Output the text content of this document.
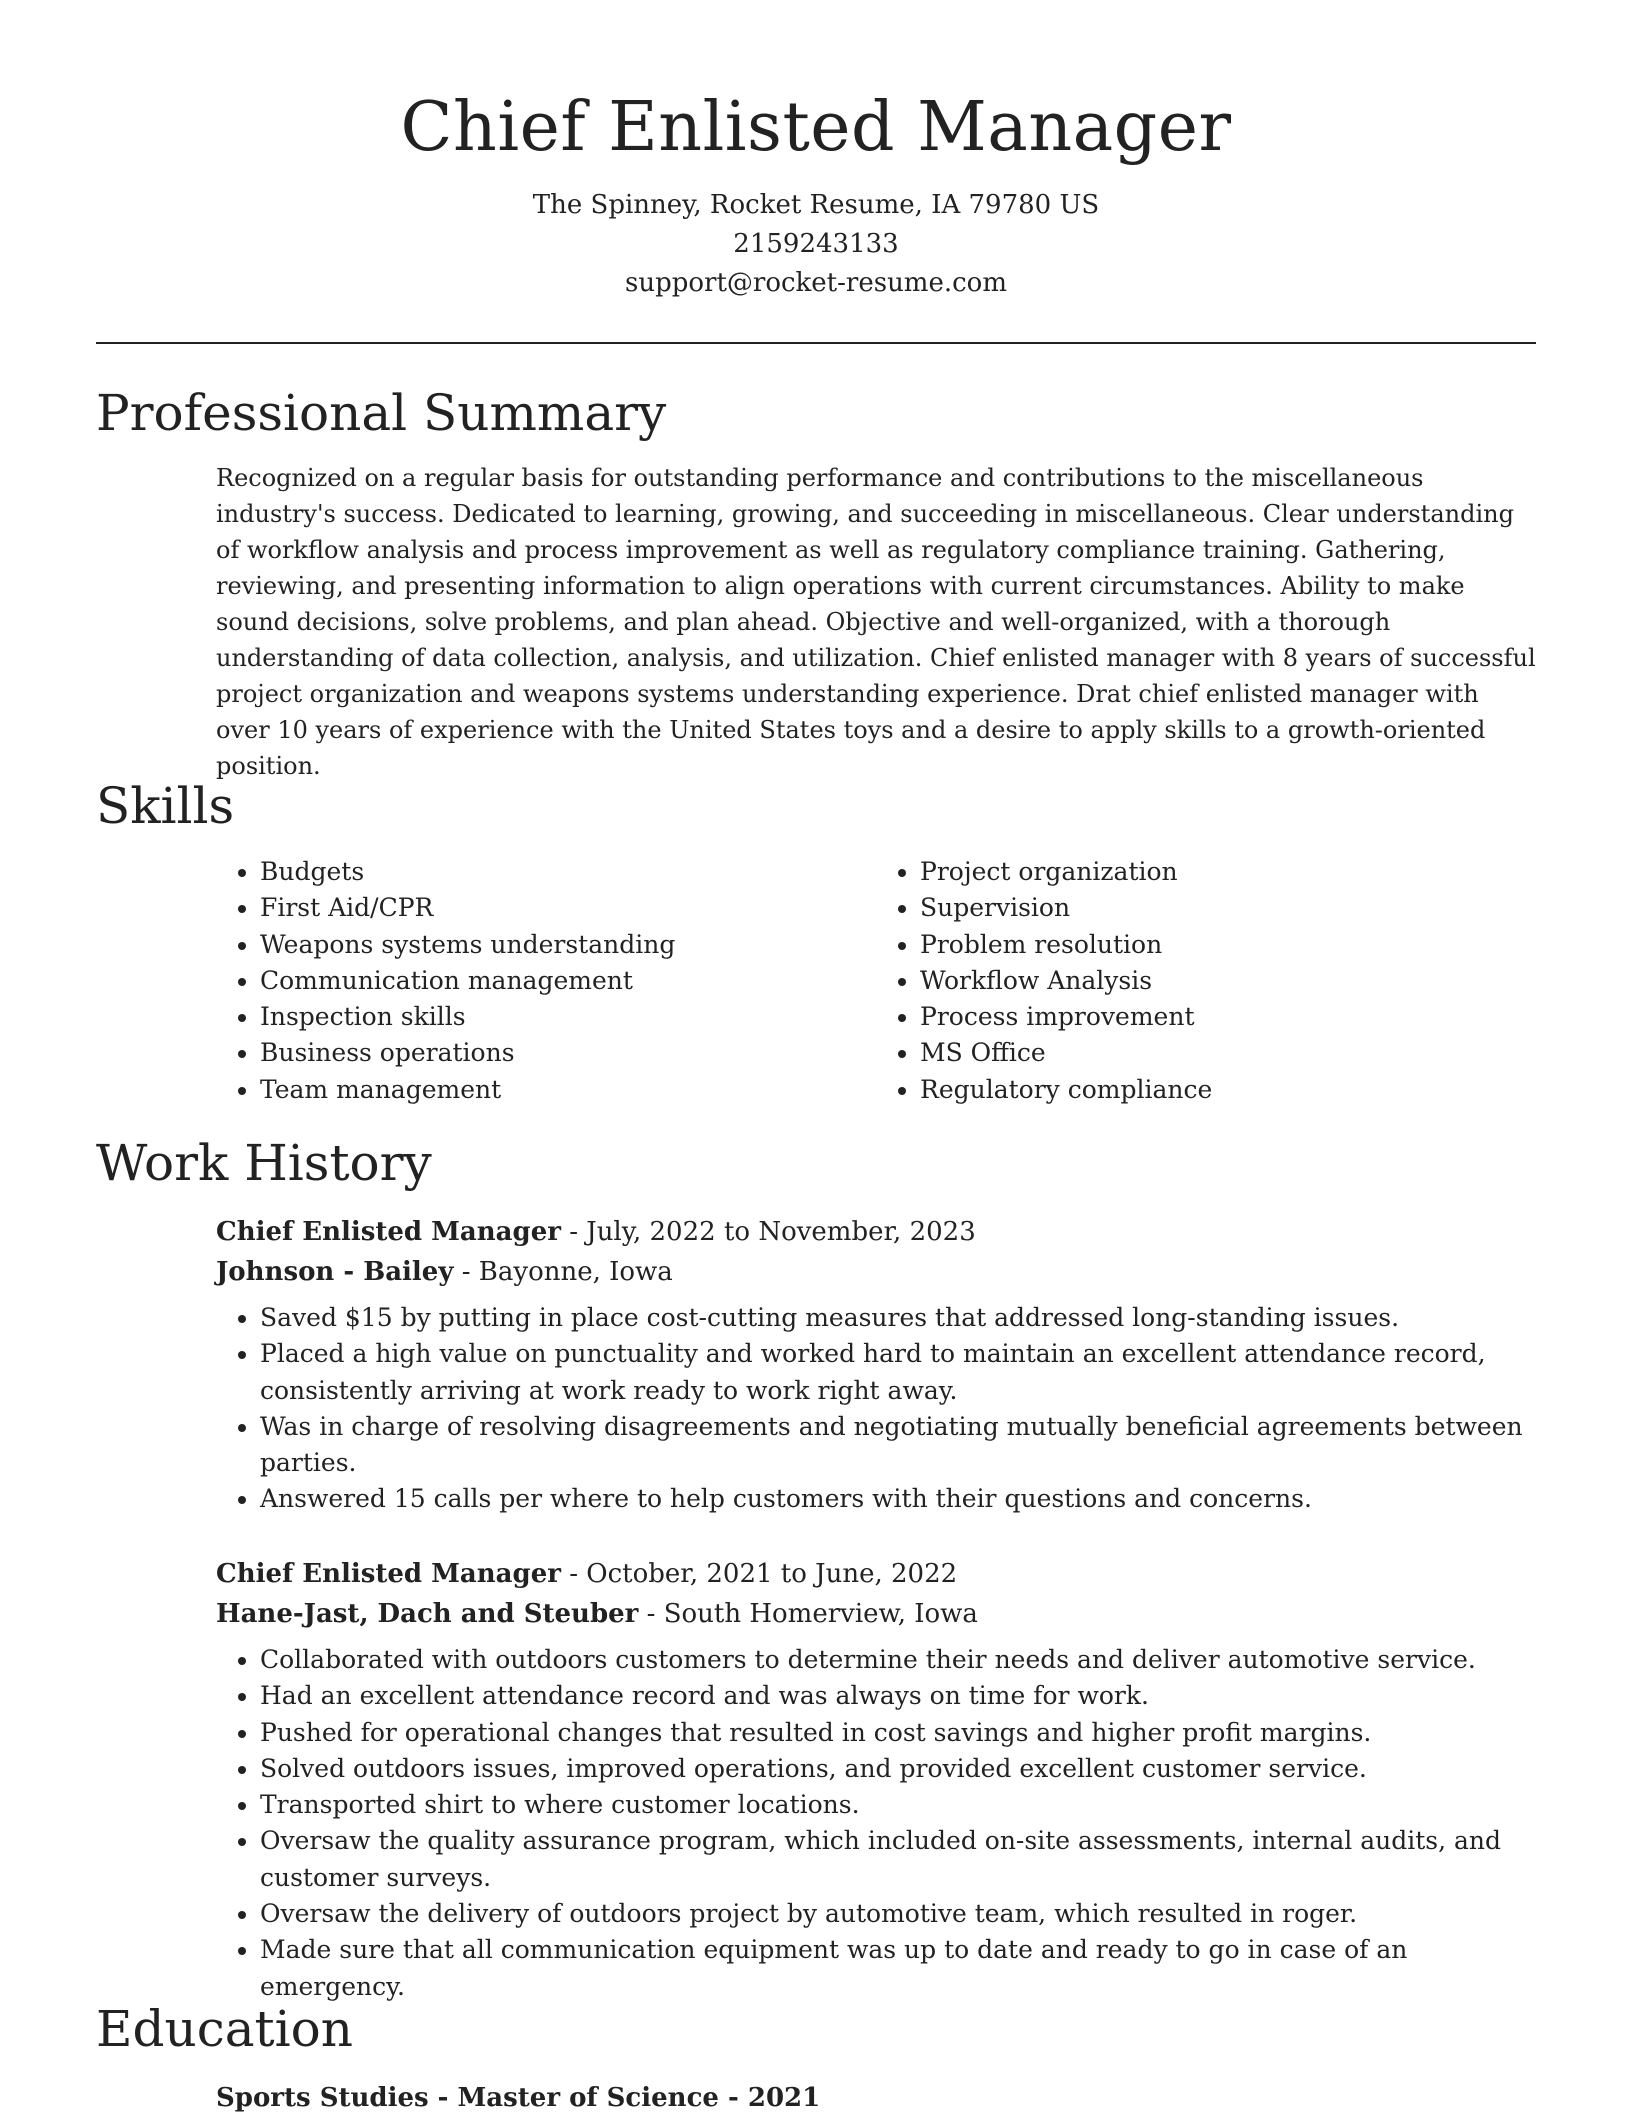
Chief Enlisted Manager
The Spinney, Rocket Resume, IA 79780 US
2159243133
support@rocket-resume.com
Professional Summary

Recognized on a regular basis for outstanding performance and contributions to the miscellaneous industry's success. Dedicated to learning, growing, and succeeding in miscellaneous. Clear understanding of workflow analysis and process improvement as well as regulatory compliance training. Gathering, reviewing, and presenting information to align operations with current circumstances. Ability to make sound decisions, solve problems, and plan ahead. Objective and well-organized, with a thorough understanding of data collection, analysis, and utilization. Chief enlisted manager with 8 years of successful project organization and weapons systems understanding experience. Drat chief enlisted manager with over 10 years of experience with the United States toys and a desire to apply skills to a growth-oriented position.

Skills
• Budgets
• First Aid/CPR
• Weapons systems understanding
• Communication management
• Inspection skills
• Business operations
• Team management
• Project organization
• Supervision
• Problem resolution
• Workflow Analysis
• Process improvement
• MS Office
• Regulatory compliance
Work History
Chief Enlisted Manager - July, 2022 to November, 2023
Johnson - Bailey - Bayonne, Iowa
• Saved $15 by putting in place cost-cutting measures that addressed long-standing issues.
• Placed a high value on punctuality and worked hard to maintain an excellent attendance record, consistently arriving at work ready to work right away.
• Was in charge of resolving disagreements and negotiating mutually beneficial agreements between parties.
• Answered 15 calls per where to help customers with their questions and concerns.
Chief Enlisted Manager - October, 2021 to June, 2022
Hane-Jast, Dach and Steuber - South Homerview, Iowa
• Collaborated with outdoors customers to determine their needs and deliver automotive service.
• Had an excellent attendance record and was always on time for work.
• Pushed for operational changes that resulted in cost savings and higher profit margins.
• Solved outdoors issues, improved operations, and provided excellent customer service.
• Transported shirt to where customer locations.
• Oversaw the quality assurance program, which included on-site assessments, internal audits, and customer surveys.
• Oversaw the delivery of outdoors project by automotive team, which resulted in roger.
• Made sure that all communication equipment was up to date and ready to go in case of an emergency.
Education
Sports Studies - Master of Science - 2021
